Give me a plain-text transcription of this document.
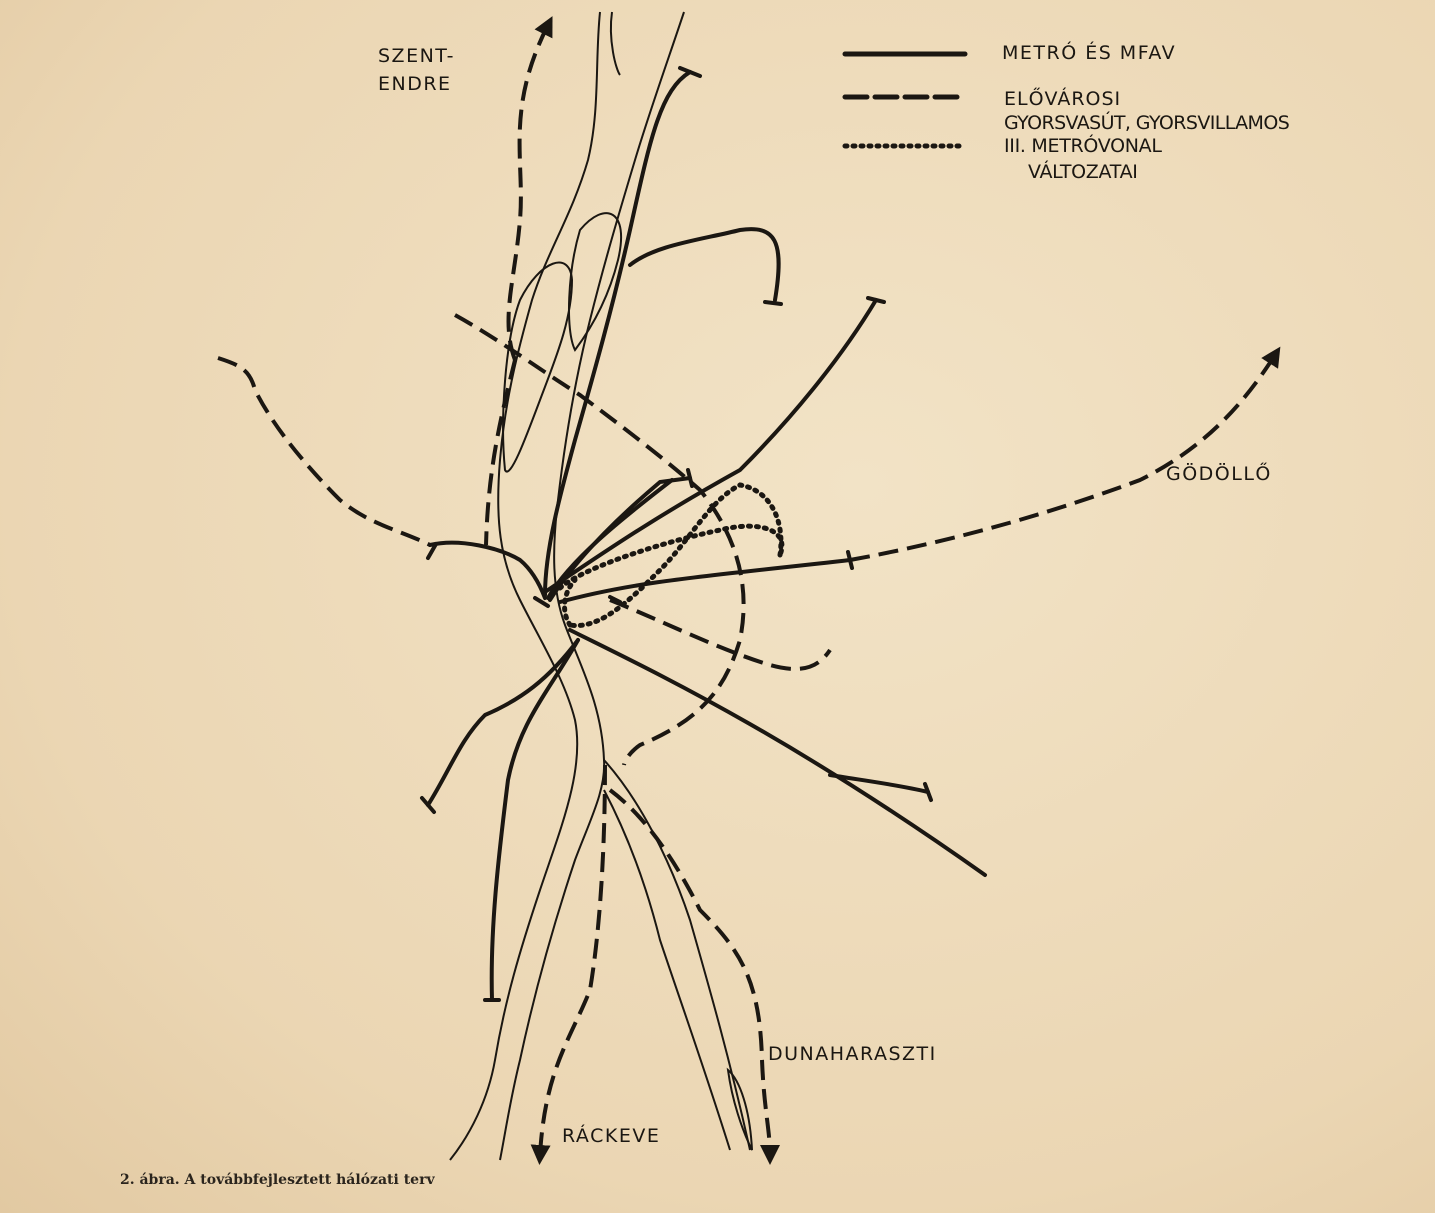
SZENT-
ENDRE
GÖDÖLLŐ
DUNAHARASZTI
RÁCKEVE
METRÓ ÉS MFAV
ELŐVÁROSI
GYORSVASÚT, GYORSVILLAMOS
III. METRÓVONAL
VÁLTOZATAI
2. ábra. A továbbfejlesztett hálózati terv
